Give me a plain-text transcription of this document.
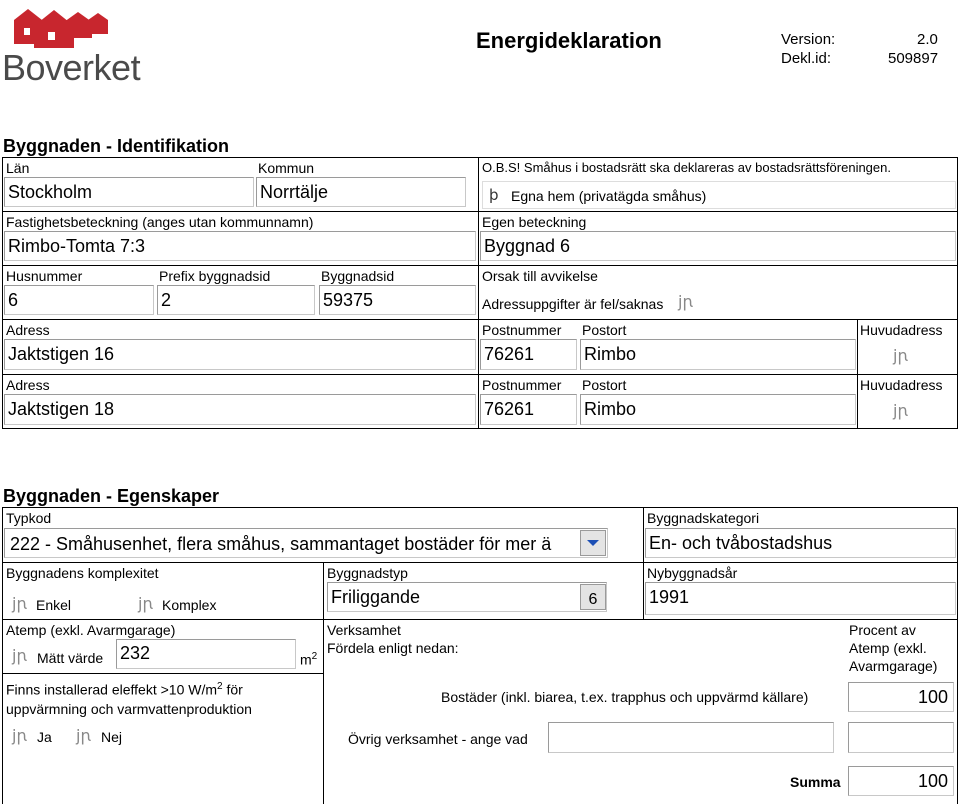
Boverket
Energideklaration	Version:	2.0
Dekl.id:	509897
Byggnaden - Identifikation
Län
Stockholm
Kommun
Norrtälje
O.B.S! Småhus i bostadsrätt ska deklareras av bostadsrättsföreningen.
þ Egna hem (privatägda småhus)
Fastighetsbeteckning (anges utan kommunnamn)
Rimbo-Tomta 7:3
Egen beteckning
Byggnad 6
Husnummer
6
Prefix byggnadsid
2
Byggnadsid
59375
Orsak till avvikelse
Adressuppgifter är fel/saknas jꞃ
Adress
Jaktstigen 16
Postnummer
76261
Postort
Rimbo
Huvudadress
jꞃ
Adress
Jaktstigen 18
Postnummer
76261
Postort
Rimbo
Huvudadress
jꞃ
Byggnaden - Egenskaper
Typkod
222 - Småhusenhet, flera småhus, sammantaget bostäder för mer ä
Byggnadskategori
En- och tvåbostadshus
Byggnadens komplexitet
jꞃ Enkel	jꞃ Komplex
Byggnadstyp
Friliggande	6
Nybyggnadsår
1991
Atemp (exkl. Avarmgarage)
jꞃ Mätt värde 232	$m^2$
Finns installerad eleffekt >10 $W/m^2$ för
uppvärmning och varmvattenproduktion
jꞃ Ja jꞃ Nej
Verksamhet
Fördela enligt nedan:
Procent av
Atemp (exkl.
Avarmgarage)
Bostäder (inkl. biarea, t.ex. trapphus och uppvärmd källare)	100
Övrig verksamhet - ange vad
Summa	100
